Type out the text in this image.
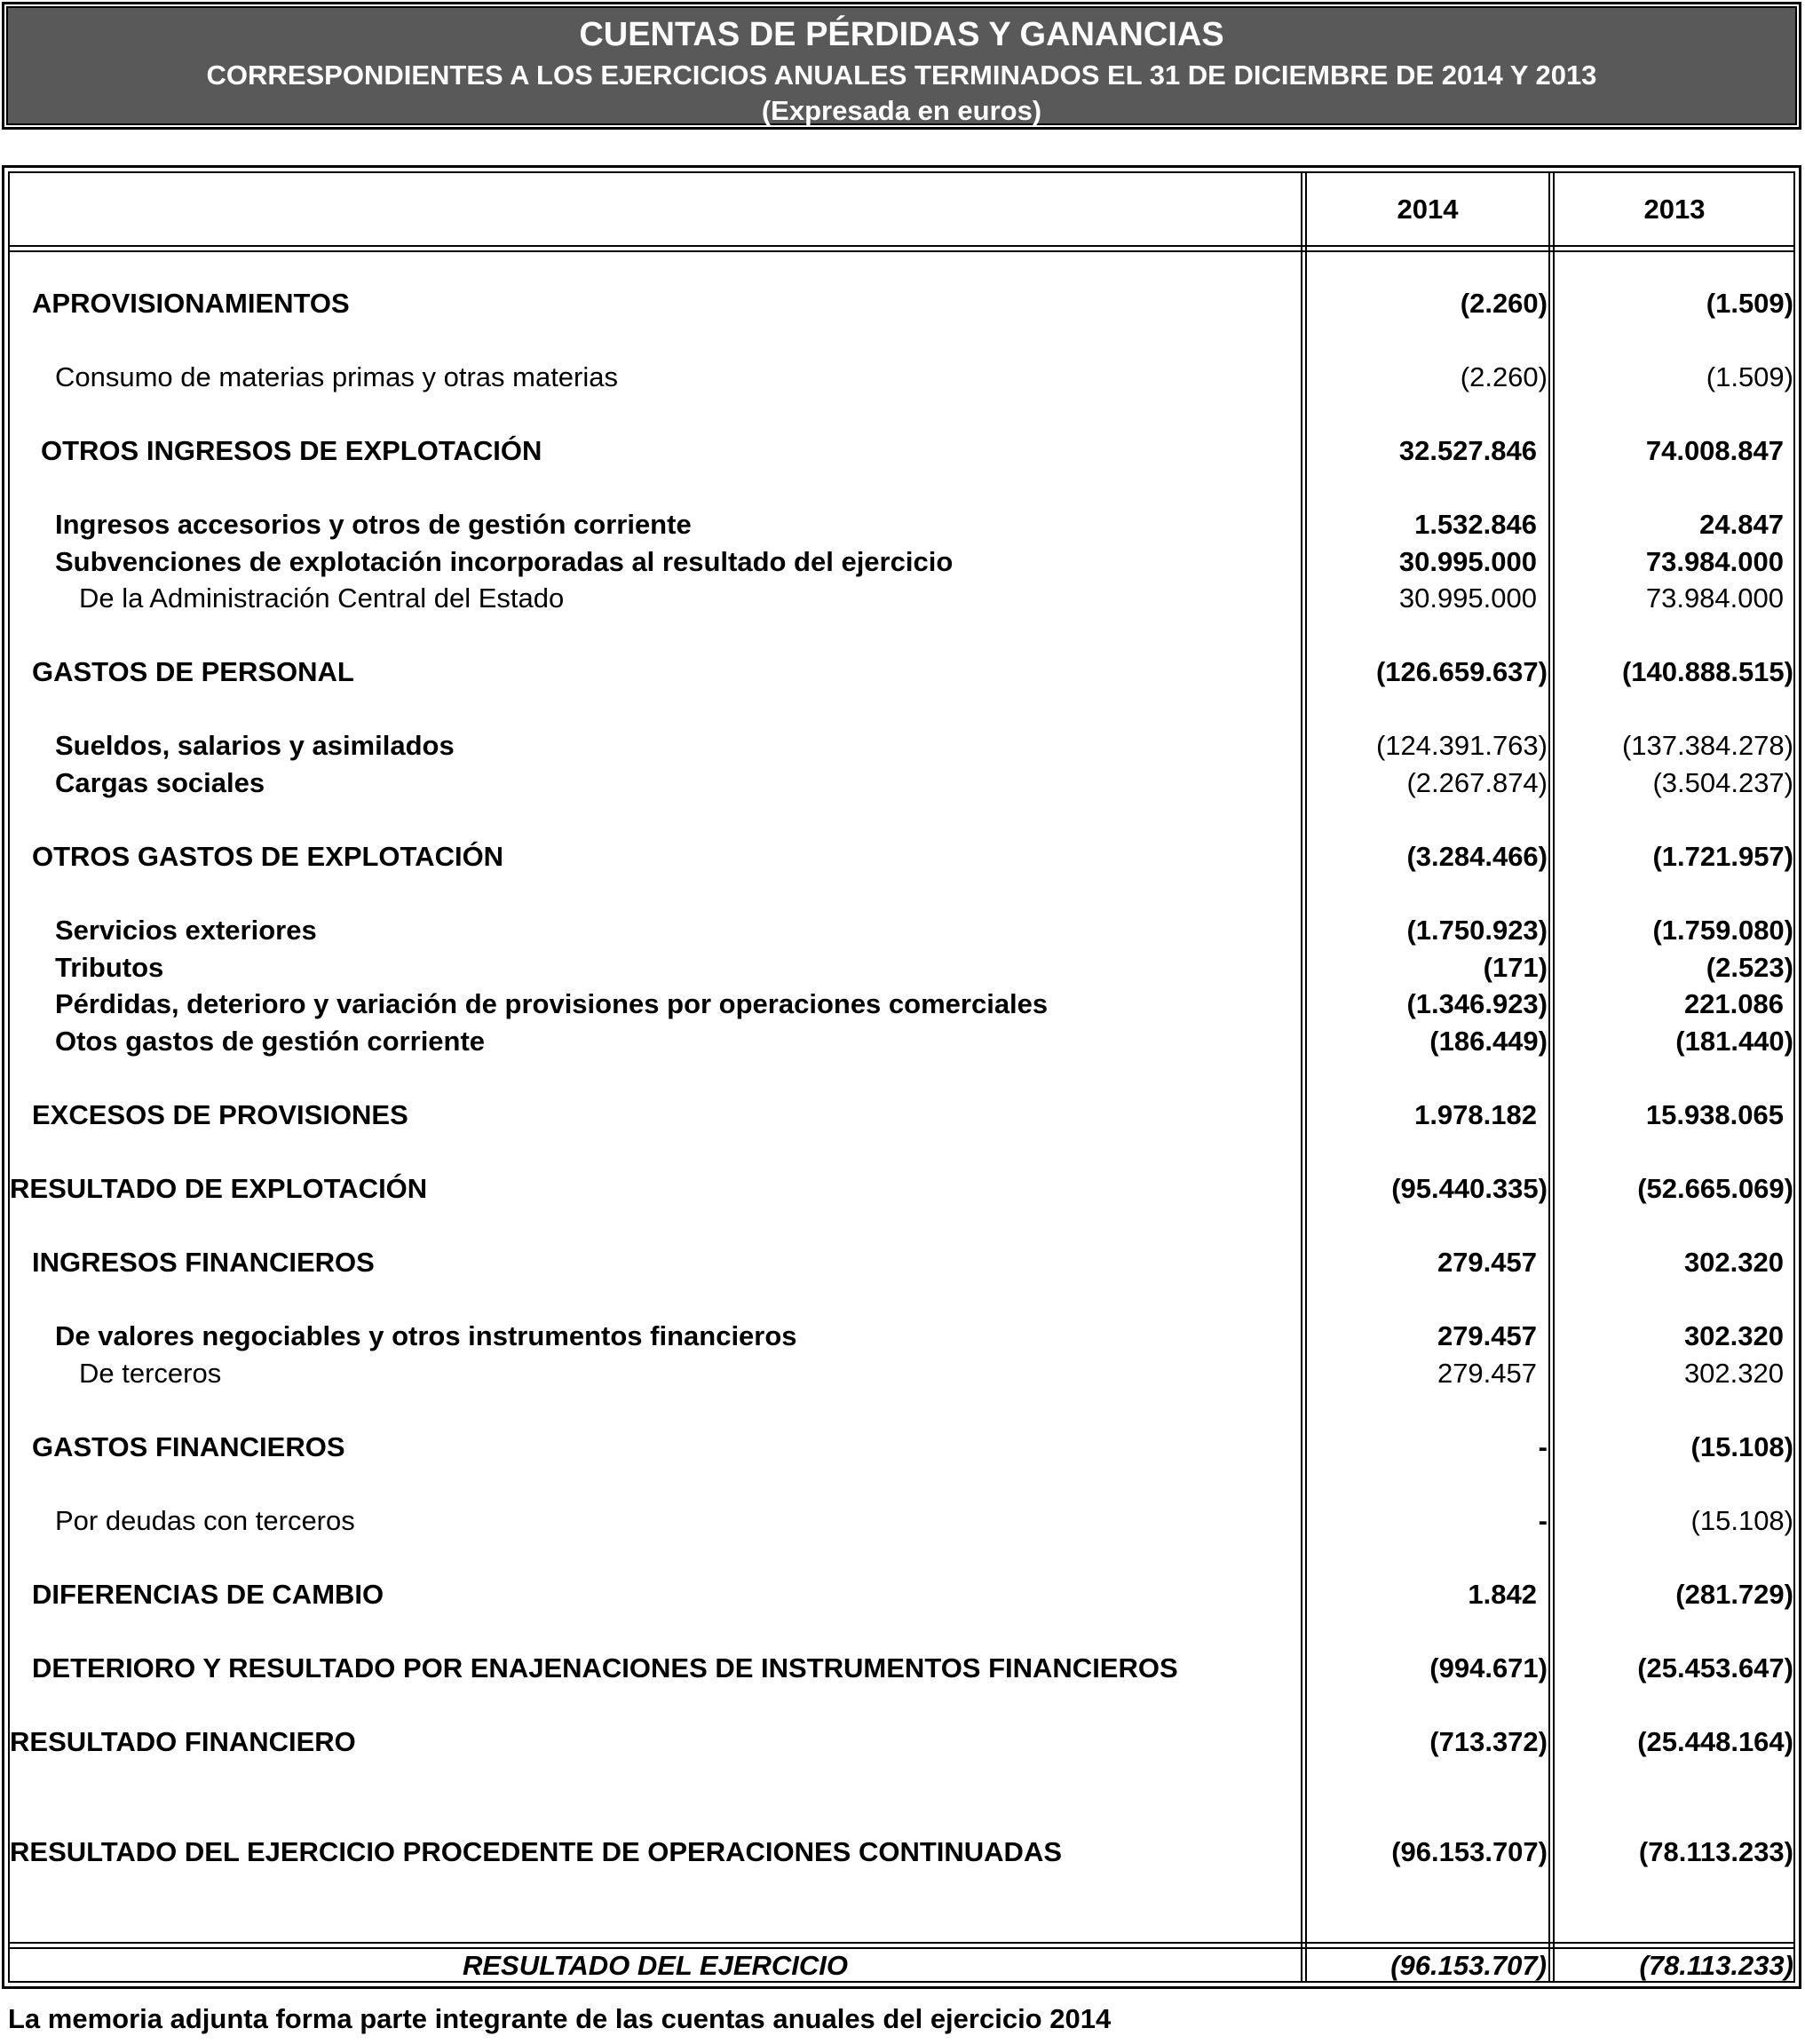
CUENTAS DE PÉRDIDAS Y GANANCIAS
CORRESPONDIENTES A LOS EJERCICIOS ANUALES TERMINADOS EL 31 DE DICIEMBRE DE 2014 Y 2013
(Expresada en euros)
2014	2013
APROVISIONAMIENTOS	(2.260)	(1.509)
Consumo de materias primas y otras materias	(2.260)	(1.509)
OTROS INGRESOS DE EXPLOTACIÓN	32.527.846	74.008.847
Ingresos accesorios y otros de gestión corriente	1.532.846	24.847
Subvenciones de explotación incorporadas al resultado del ejercicio	30.995.000	73.984.000
De la Administración Central del Estado	30.995.000	73.984.000
GASTOS DE PERSONAL	(126.659.637)	(140.888.515)
Sueldos, salarios y asimilados	(124.391.763)	(137.384.278)
Cargas sociales	(2.267.874)	(3.504.237)
OTROS GASTOS DE EXPLOTACIÓN	(3.284.466)	(1.721.957)
Servicios exteriores	(1.750.923)	(1.759.080)
Tributos	(171)	(2.523)
Pérdidas, deterioro y variación de provisiones por operaciones comerciales	(1.346.923)	221.086
Otos gastos de gestión corriente	(186.449)	(181.440)
EXCESOS DE PROVISIONES	1.978.182	15.938.065
RESULTADO DE EXPLOTACIÓN	(95.440.335)	(52.665.069)
INGRESOS FINANCIEROS	279.457	302.320
De valores negociables y otros instrumentos financieros	279.457	302.320
De terceros	279.457	302.320
GASTOS FINANCIEROS	-	(15.108)
Por deudas con terceros	-	(15.108)
DIFERENCIAS DE CAMBIO	1.842	(281.729)
DETERIORO Y RESULTADO POR ENAJENACIONES DE INSTRUMENTOS FINANCIEROS	(994.671)	(25.453.647)
RESULTADO FINANCIERO	(713.372)	(25.448.164)
RESULTADO DEL EJERCICIO PROCEDENTE DE OPERACIONES CONTINUADAS	(96.153.707)	(78.113.233)
RESULTADO DEL EJERCICIO	(96.153.707)	(78.113.233)
La memoria adjunta forma parte integrante de las cuentas anuales del ejercicio 2014
